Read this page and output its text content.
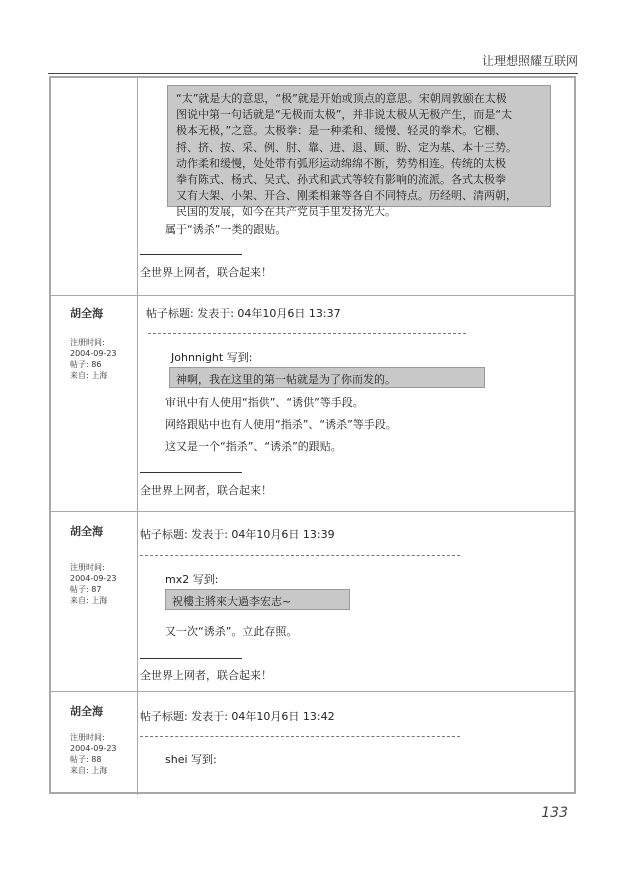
让理想照耀互联网
“太”就是大的意思，“极”就是开始或顶点的意思。宋朝周敦颐在太极
图说中第一句话就是“无极而太极”，并非说太极从无极产生，而是“太
极本无极，”之意。太极拳：是一种柔和、缓慢、轻灵的拳术。它棚、
捋、挤、按、采、例、肘、靠、进、退、顾、盼、定为基、本十三势。
动作柔和缓慢，处处带有弧形运动绵绵不断，势势相连。传统的太极
拳有陈式、杨式、吴式、孙式和武式等较有影响的流派。各式太极拳
又有大架、小架、开合、刚柔相兼等各自不同特点。历经明、清两朝，
民国的发展，如今在共产党员手里发扬光大。
属于“诱杀”一类的跟贴。
全世界上网者，联合起来！
胡全海
注册时间:
2004-09-23
帖子: 86
来自: 上海
帖子标题: 发表于: 04年10月6日 13:37
Johnnight 写到:
神啊，我在这里的第一帖就是为了你而发的。
审讯中有人使用“指供”、“诱供”等手段。
网络跟贴中也有人使用“指杀”、“诱杀”等手段。
这又是一个“指杀”、“诱杀”的跟贴。
全世界上网者，联合起来！
胡全海
注册时间:
2004-09-23
帖子: 87
来自: 上海
帖子标题: 发表于: 04年10月6日 13:39
mx2 写到:
祝樓主將來大過李宏志~
又一次“诱杀”。立此存照。
全世界上网者，联合起来！
胡全海
注册时间:
2004-09-23
帖子: 88
来自: 上海
帖子标题: 发表于: 04年10月6日 13:42
shei 写到:
133
